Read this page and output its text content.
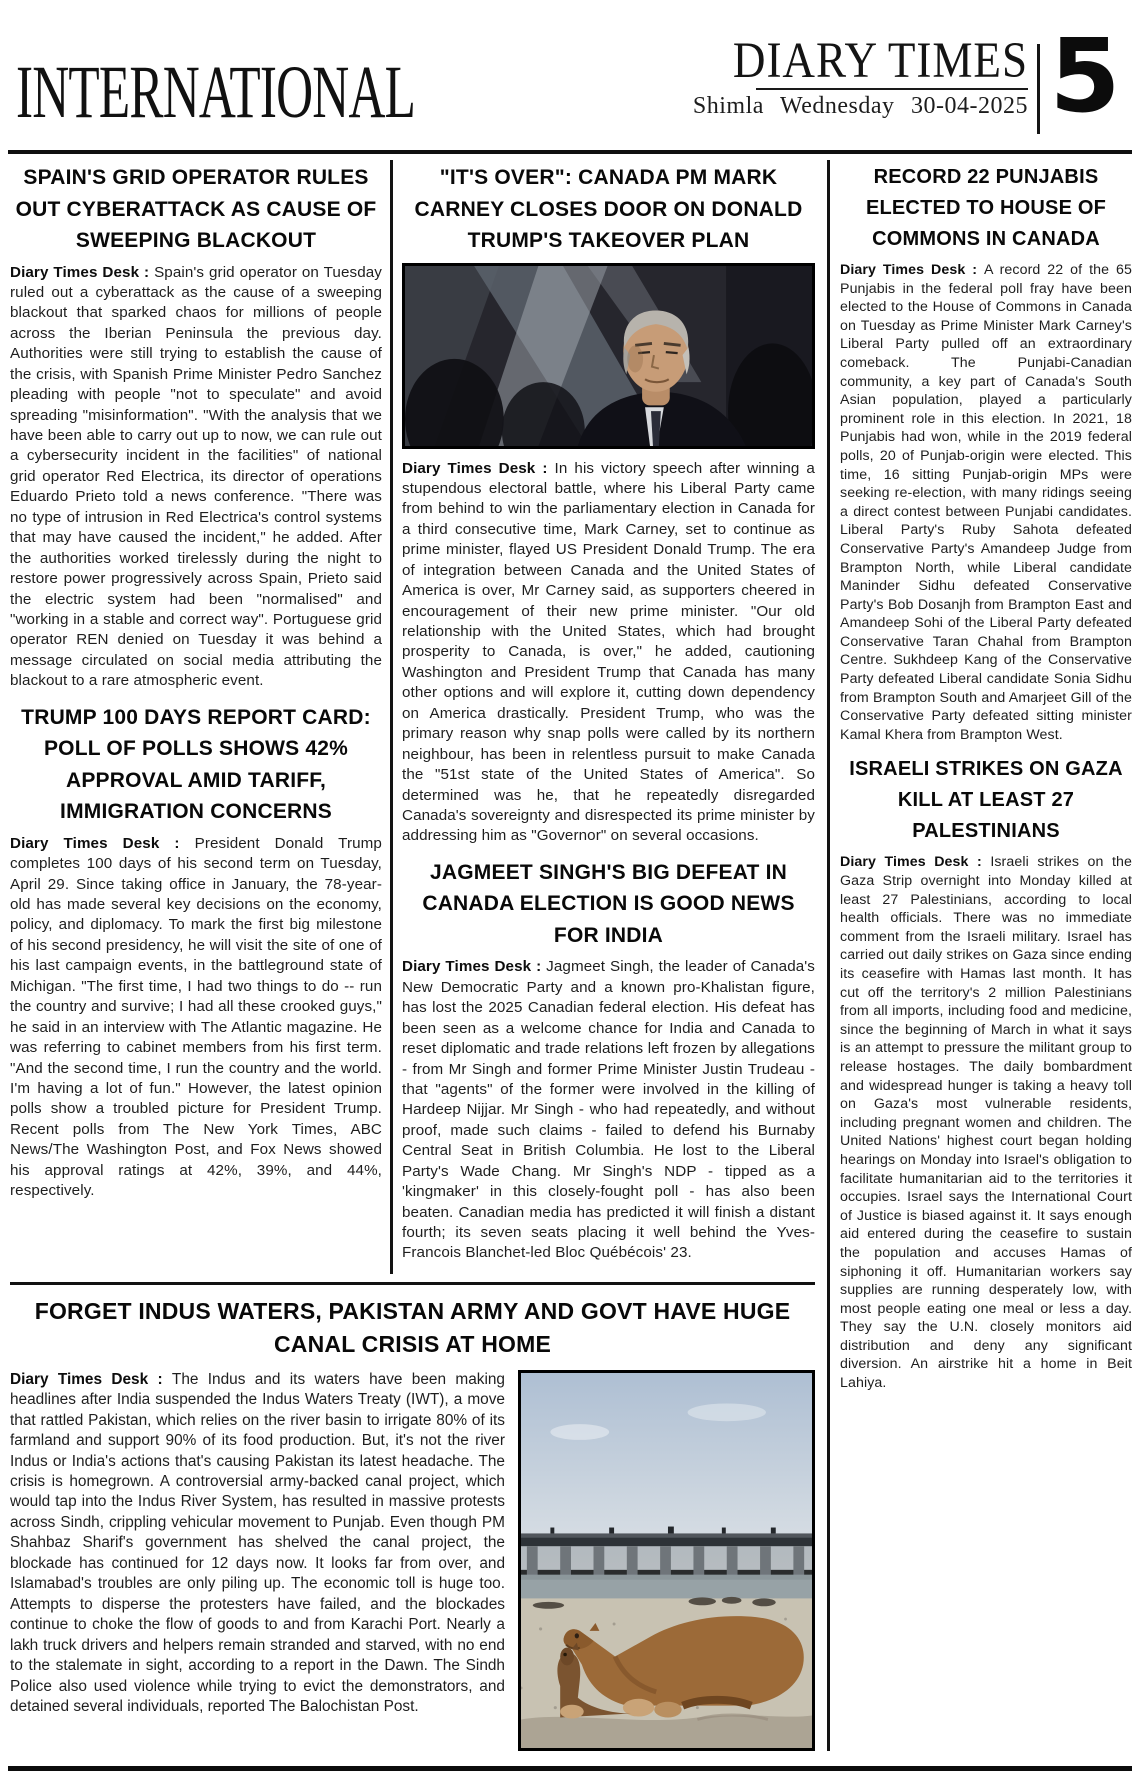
INTERNATIONAL	DIARY TIMES
Shimla Wednesday 30-04-2025 5
SPAIN'S GRID OPERATOR RULES OUT CYBERATTACK AS CAUSE OF SWEEPING BLACKOUT

Diary Times Desk : Spain's grid operator on Tuesday ruled out a cyberattack as the cause of a sweeping blackout that sparked chaos for millions of people across the Iberian Peninsula the previous day. Authorities were still trying to establish the cause of the crisis, with Spanish Prime Minister Pedro Sanchez pleading with people "not to speculate" and avoid spreading "misinformation". "With the analysis that we have been able to carry out up to now, we can rule out a cybersecurity incident in the facilities" of national grid operator Red Electrica, its director of operations Eduardo Prieto told a news conference. "There was no type of intrusion in Red Electrica's control systems that may have caused the incident," he added. After the authorities worked tirelessly during the night to restore power progressively across Spain, Prieto said the electric system had been "normalised" and "working in a stable and correct way". Portuguese grid operator REN denied on Tuesday it was behind a message circulated on social media attributing the blackout to a rare atmospheric event.

TRUMP 100 DAYS REPORT CARD: POLL OF POLLS SHOWS 42% APPROVAL AMID TARIFF, IMMIGRATION CONCERNS

Diary Times Desk : President Donald Trump completes 100 days of his second term on Tuesday, April 29. Since taking office in January, the 78-year-old has made several key decisions on the economy, policy, and diplomacy. To mark the first big milestone of his second presidency, he will visit the site of one of his last campaign events, in the battleground state of Michigan. "The first time, I had two things to do -- run the country and survive; I had all these crooked guys," he said in an interview with The Atlantic magazine. He was referring to cabinet members from his first term. "And the second time, I run the country and the world. I'm having a lot of fun." However, the latest opinion polls show a troubled picture for President Trump. Recent polls from The New York Times, ABC News/The Washington Post, and Fox News showed his approval ratings at 42%, 39%, and 44%, respectively.

"IT'S OVER": CANADA PM MARK CARNEY CLOSES DOOR ON DONALD TRUMP'S TAKEOVER PLAN

Diary Times Desk : In his victory speech after winning a stupendous electoral battle, where his Liberal Party came from behind to win the parliamentary election in Canada for a third consecutive time, Mark Carney, set to continue as prime minister, flayed US President Donald Trump. The era of integration between Canada and the United States of America is over, Mr Carney said, as supporters cheered in encouragement of their new prime minister. "Our old relationship with the United States, which had brought prosperity to Canada, is over," he added, cautioning Washington and President Trump that Canada has many other options and will explore it, cutting down dependency on America drastically. President Trump, who was the primary reason why snap polls were called by its northern neighbour, has been in relentless pursuit to make Canada the "51st state of the United States of America". So determined was he, that he repeatedly disregarded Canada's sovereignty and disrespected its prime minister by addressing him as "Governor" on several occasions.

JAGMEET SINGH'S BIG DEFEAT IN CANADA ELECTION IS GOOD NEWS FOR INDIA

Diary Times Desk : Jagmeet Singh, the leader of Canada's New Democratic Party and a known pro-Khalistan figure, has lost the 2025 Canadian federal election. His defeat has been seen as a welcome chance for India and Canada to reset diplomatic and trade relations left frozen by allegations - from Mr Singh and former Prime Minister Justin Trudeau - that "agents" of the former were involved in the killing of Hardeep Nijjar. Mr Singh - who had repeatedly, and without proof, made such claims - failed to defend his Burnaby Central Seat in British Columbia. He lost to the Liberal Party's Wade Chang. Mr Singh's NDP - tipped as a 'kingmaker' in this closely-fought poll - has also been beaten. Canadian media has predicted it will finish a distant fourth; its seven seats placing it well behind the Yves-Francois Blanchet-led Bloc Québécois' 23.

FORGET INDUS WATERS, PAKISTAN ARMY AND GOVT HAVE HUGE CANAL CRISIS AT HOME

Diary Times Desk : The Indus and its waters have been making headlines after India suspended the Indus Waters Treaty (IWT), a move that rattled Pakistan, which relies on the river basin to irrigate 80% of its farmland and support 90% of its food production. But, it's not the river Indus or India's actions that's causing Pakistan its latest headache. The crisis is homegrown. A controversial army-backed canal project, which would tap into the Indus River System, has resulted in massive protests across Sindh, crippling vehicular movement to Punjab. Even though PM Shahbaz Sharif's government has shelved the canal project, the blockade has continued for 12 days now. It looks far from over, and Islamabad's troubles are only piling up. The economic toll is huge too. Attempts to disperse the protesters have failed, and the blockades continue to choke the flow of goods to and from Karachi Port. Nearly a lakh truck drivers and helpers remain stranded and starved, with no end to the stalemate in sight, according to a report in the Dawn. The Sindh Police also used violence while trying to evict the demonstrators, and detained several individuals, reported The Balochistan Post.

RECORD 22 PUNJABIS ELECTED TO HOUSE OF COMMONS IN CANADA

Diary Times Desk : A record 22 of the 65 Punjabis in the federal poll fray have been elected to the House of Commons in Canada on Tuesday as Prime Minister Mark Carney's Liberal Party pulled off an extraordinary comeback. The Punjabi-Canadian community, a key part of Canada's South Asian population, played a particularly prominent role in this election. In 2021, 18 Punjabis had won, while in the 2019 federal polls, 20 of Punjab-origin were elected. This time, 16 sitting Punjab-origin MPs were seeking re-election, with many ridings seeing a direct contest between Punjabi candidates. Liberal Party's Ruby Sahota defeated Conservative Party's Amandeep Judge from Brampton North, while Liberal candidate Maninder Sidhu defeated Conservative Party's Bob Dosanjh from Brampton East and Amandeep Sohi of the Liberal Party defeated Conservative Taran Chahal from Brampton Centre. Sukhdeep Kang of the Conservative Party defeated Liberal candidate Sonia Sidhu from Brampton South and Amarjeet Gill of the Conservative Party defeated sitting minister Kamal Khera from Brampton West.

ISRAELI STRIKES ON GAZA KILL AT LEAST 27 PALESTINIANS

Diary Times Desk : Israeli strikes on the Gaza Strip overnight into Monday killed at least 27 Palestinians, according to local health officials. There was no immediate comment from the Israeli military. Israel has carried out daily strikes on Gaza since ending its ceasefire with Hamas last month. It has cut off the territory's 2 million Palestinians from all imports, including food and medicine, since the beginning of March in what it says is an attempt to pressure the militant group to release hostages. The daily bombardment and widespread hunger is taking a heavy toll on Gaza's most vulnerable residents, including pregnant women and children. The United Nations' highest court began holding hearings on Monday into Israel's obligation to facilitate humanitarian aid to the territories it occupies. Israel says the International Court of Justice is biased against it. It says enough aid entered during the ceasefire to sustain the population and accuses Hamas of siphoning it off. Humanitarian workers say supplies are running desperately low, with most people eating one meal or less a day. They say the U.N. closely monitors aid distribution and deny any significant diversion. An airstrike hit a home in Beit Lahiya.
